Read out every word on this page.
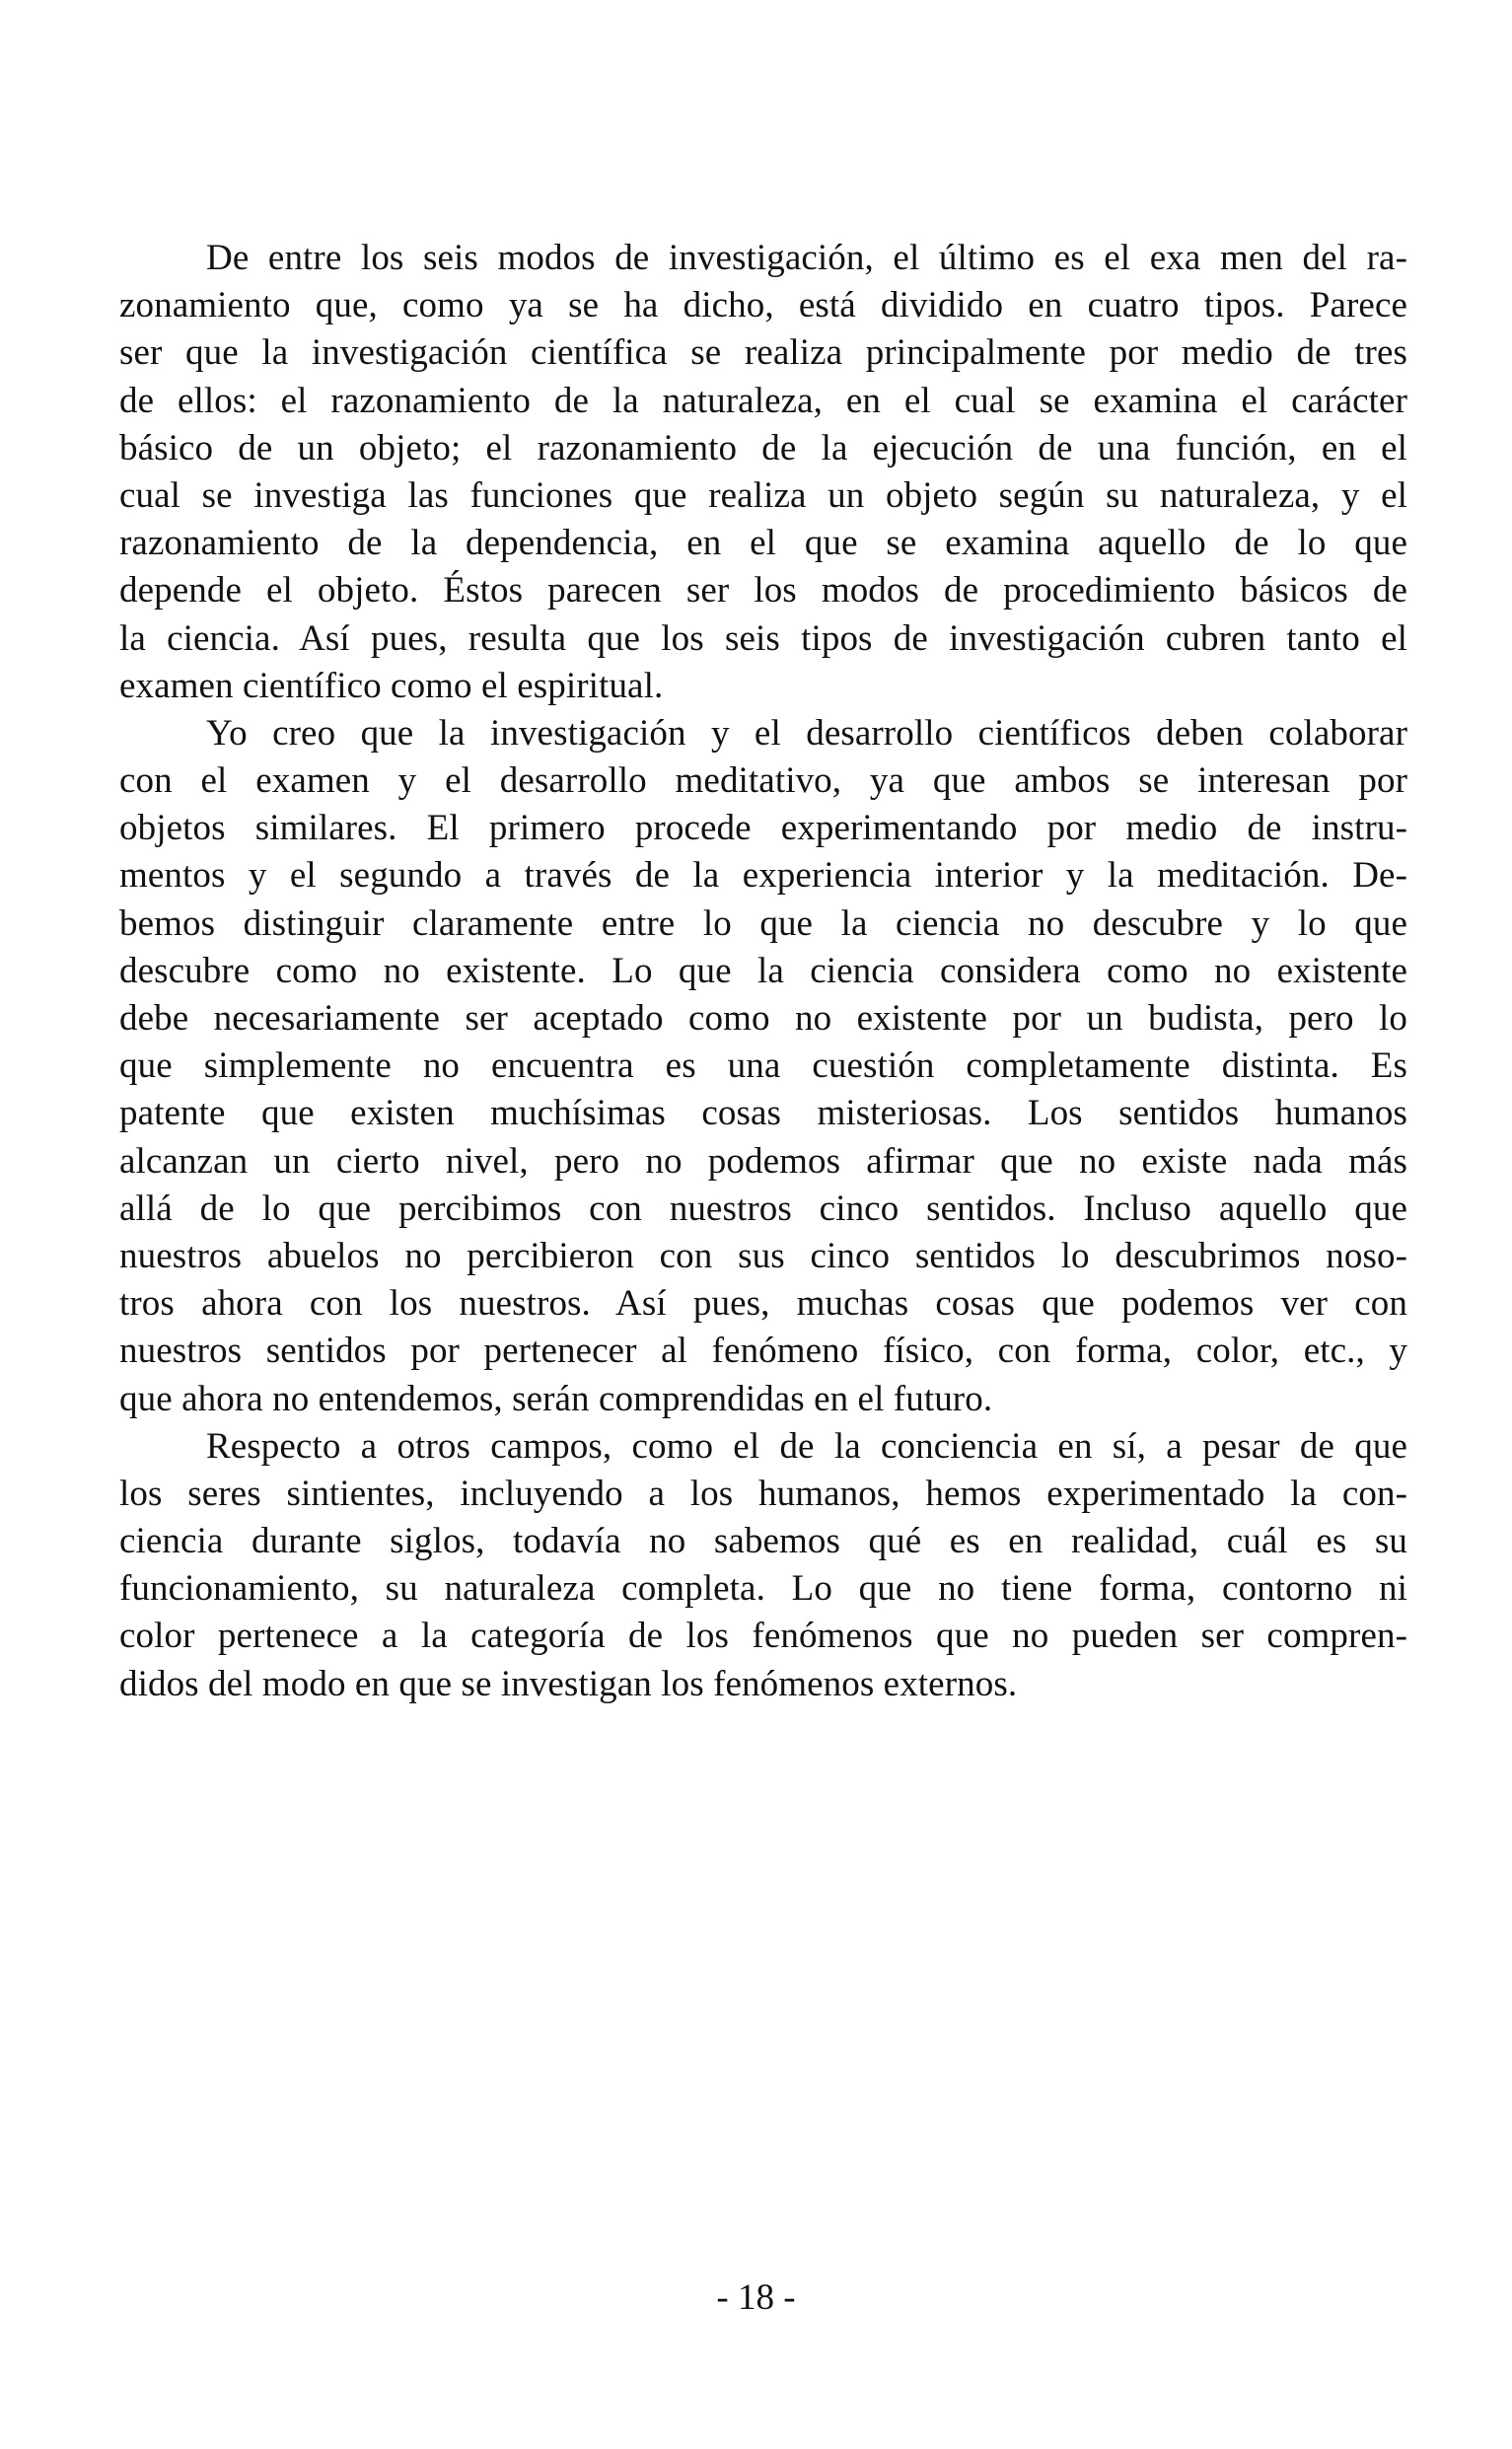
De entre los seis modos de investigación, el último es el exa men del ra-
zonamiento que, como ya se ha dicho, está dividido en cuatro tipos. Parece
ser que la investigación científica se realiza principalmente por medio de tres
de ellos: el razonamiento de la naturaleza, en el cual se examina el carácter
básico de un objeto; el razonamiento de la ejecución de una función, en el
cual se investiga las funciones que realiza un objeto según su naturaleza, y el
razonamiento de la dependencia, en el que se examina aquello de lo que
depende el objeto. Éstos parecen ser los modos de procedimiento básicos de
la ciencia. Así pues, resulta que los seis tipos de investigación cubren tanto el
examen científico como el espiritual.
Yo creo que la investigación y el desarrollo científicos deben colaborar
con el examen y el desarrollo meditativo, ya que ambos se interesan por
objetos similares. El primero procede experimentando por medio de instru-
mentos y el segundo a través de la experiencia interior y la meditación. De-
bemos distinguir claramente entre lo que la ciencia no descubre y lo que
descubre como no existente. Lo que la ciencia considera como no existente
debe necesariamente ser aceptado como no existente por un budista, pero lo
que simplemente no encuentra es una cuestión completamente distinta. Es
patente que existen muchísimas cosas misteriosas. Los sentidos humanos
alcanzan un cierto nivel, pero no podemos afirmar que no existe nada más
allá de lo que percibimos con nuestros cinco sentidos. Incluso aquello que
nuestros abuelos no percibieron con sus cinco sentidos lo descubrimos noso-
tros ahora con los nuestros. Así pues, muchas cosas que podemos ver con
nuestros sentidos por pertenecer al fenómeno físico, con forma, color, etc., y
que ahora no entendemos, serán comprendidas en el futuro.
Respecto a otros campos, como el de la conciencia en sí, a pesar de que
los seres sintientes, incluyendo a los humanos, hemos experimentado la con-
ciencia durante siglos, todavía no sabemos qué es en realidad, cuál es su
funcionamiento, su naturaleza completa. Lo que no tiene forma, contorno ni
color pertenece a la categoría de los fenómenos que no pueden ser compren-
didos del modo en que se investigan los fenómenos externos.
- 18 -
